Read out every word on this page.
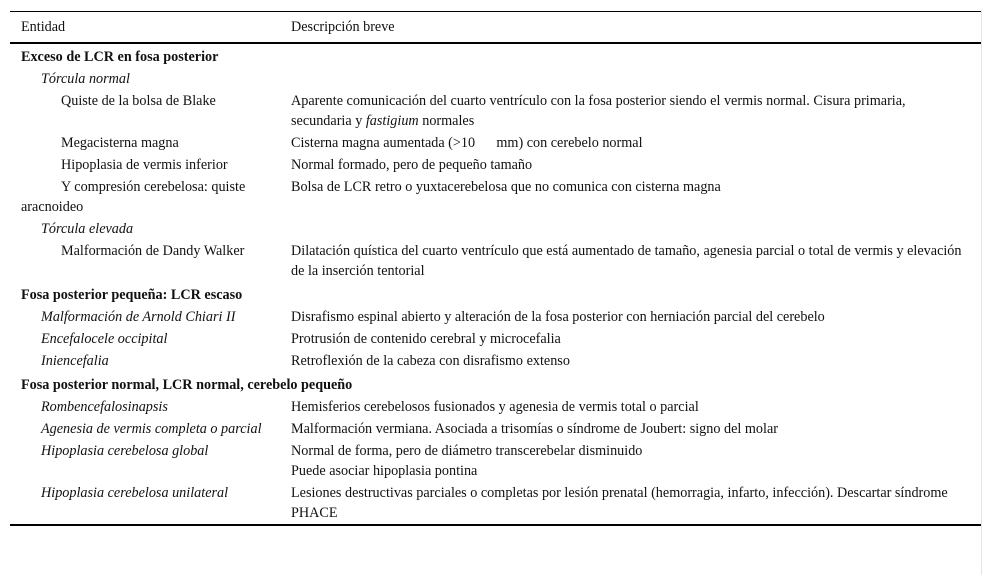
Entidad	Descripción breve
Exceso de LCR en fosa posterior	
Tórcula normal	
Quiste de la bolsa de Blake	Aparente comunicación del cuarto ventrículo con la fosa posterior siendo el vermis normal. Cisura primaria, secundaria y fastigium normales
Megacisterna magna	Cisterna magna aumentada (>10  mm) con cerebelo normal
Hipoplasia de vermis inferior	Normal formado, pero de pequeño tamaño
Y compresión cerebelosa: quiste aracnoideo	Bolsa de LCR retro o yuxtacerebelosa que no comunica con cisterna magna
Tórcula elevada	
Malformación de Dandy Walker	Dilatación quística del cuarto ventrículo que está aumentado de tamaño, agenesia parcial o total de vermis y elevación de la inserción tentorial
Fosa posterior pequeña: LCR escaso	
Malformación de Arnold Chiari II	Disrafismo espinal abierto y alteración de la fosa posterior con herniación parcial del cerebelo
Encefalocele occipital	Protrusión de contenido cerebral y microcefalia
Iniencefalia	Retroflexión de la cabeza con disrafismo extenso
Fosa posterior normal, LCR normal, cerebelo pequeño	
Rombencefalosinapsis	Hemisferios cerebelosos fusionados y agenesia de vermis total o parcial
Agenesia de vermis completa o parcial	Malformación vermiana. Asociada a trisomías o síndrome de Joubert: signo del molar
Hipoplasia cerebelosa global	Normal de forma, pero de diámetro transcerebelar disminuido
Puede asociar hipoplasia pontina

Hipoplasia cerebelosa unilateral	Lesiones destructivas parciales o completas por lesión prenatal (hemorragia, infarto, infección). Descartar síndrome PHACE
